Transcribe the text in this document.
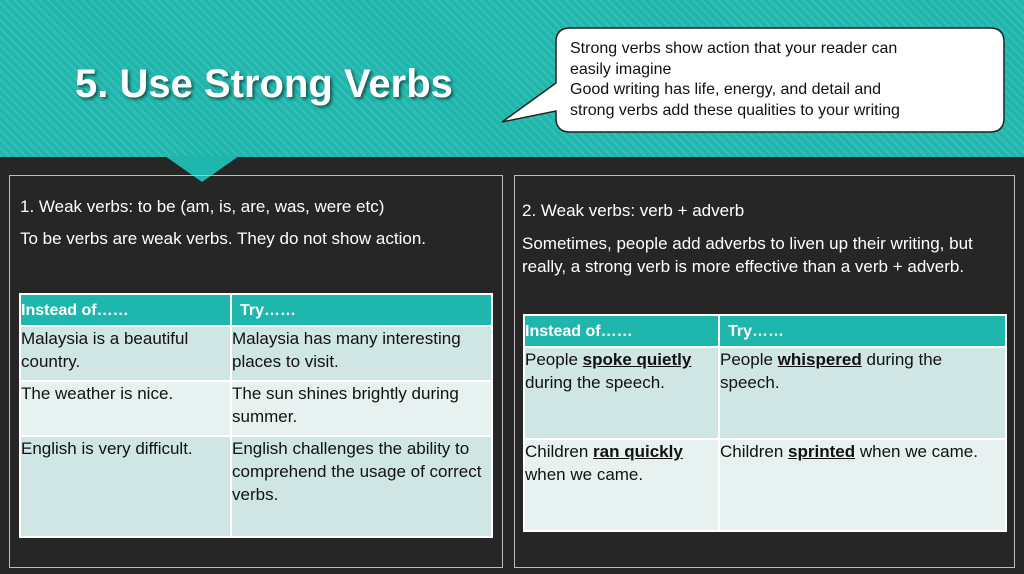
5. Use Strong Verbs
Strong verbs show action that your reader can
easily imagine
Good writing has life, energy, and detail and
strong verbs add these qualities to your writing
1. Weak verbs: to be (am, is, are, was, were etc)
To be verbs are weak verbs. They do not show action.
Instead of……	Try……
Malaysia is a beautiful country.	Malaysia has many interesting places to visit.
The weather is nice.	The sun shines brightly during summer.
English is very difficult.	English challenges the ability to comprehend the usage of correct verbs.
2. Weak verbs: verb + adverb
Sometimes, people add adverbs to liven up their writing, but really, a strong verb is more effective than a verb + adverb.
Instead of……	Try……
People spoke quietly during the speech.	People whispered during the speech.
Children ran quickly when we came.	Children sprinted when we came.
